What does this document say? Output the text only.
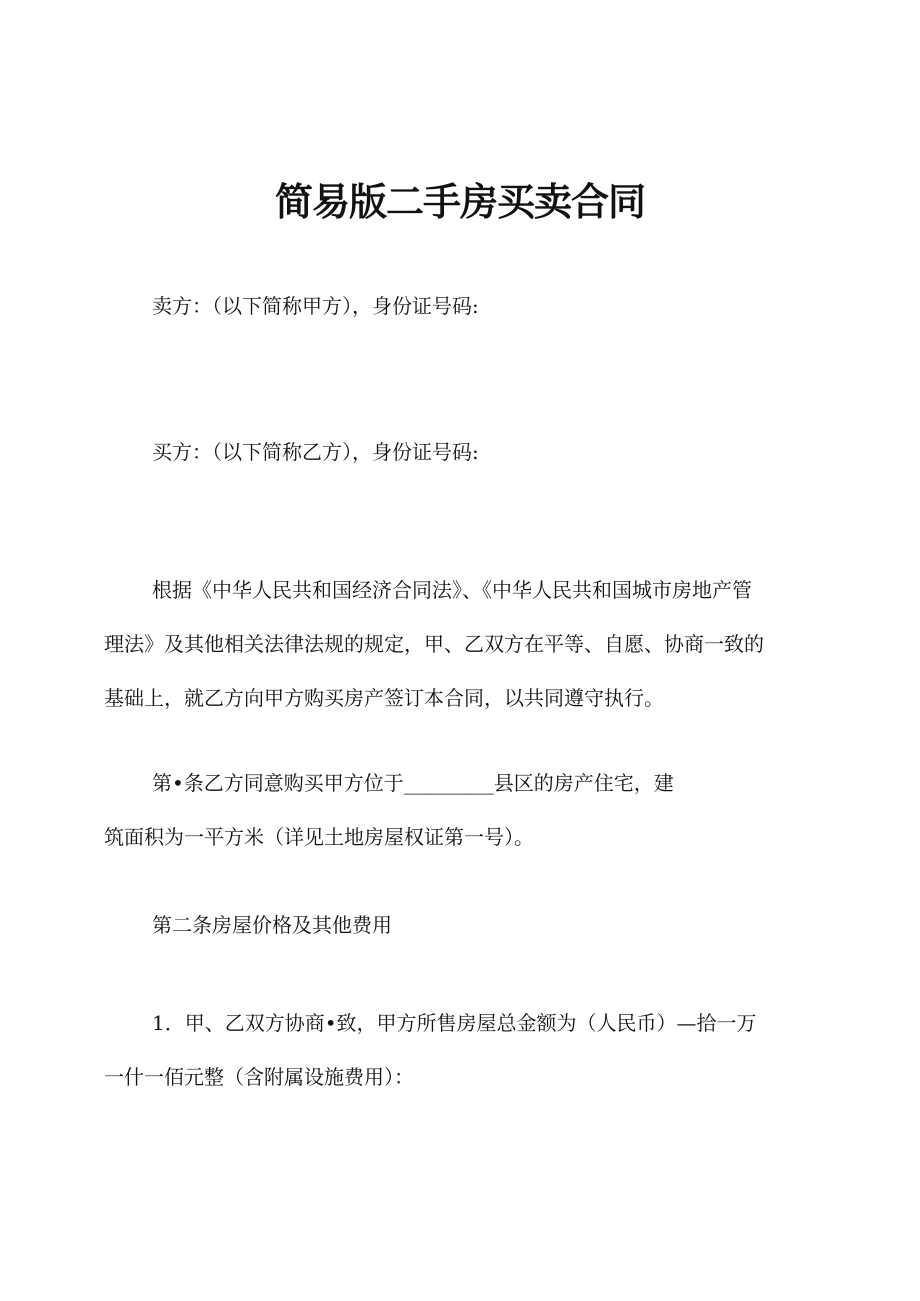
简易版二手房买卖合同

卖方：（以下简称甲方），身份证号码:

买方：（以下简称乙方），身份证号码:

根据《中华人民共和国经济合同法》、《中华人民共和国城市房地产管
理法》及其他相关法律法规的规定，甲、乙双方在平等、自愿、协商一致的
基础上，就乙方向甲方购买房产签订本合同，以共同遵守执行。

第•条乙方同意购买甲方位于_________县区的房产住宅，建
筑面积为一平方米（详见土地房屋权证第一号）。

第二条房屋价格及其他费用

1．甲、乙双方协商•致，甲方所售房屋总金额为（人民币）—拾一万
一什一佰元整（含附属设施费用）：
